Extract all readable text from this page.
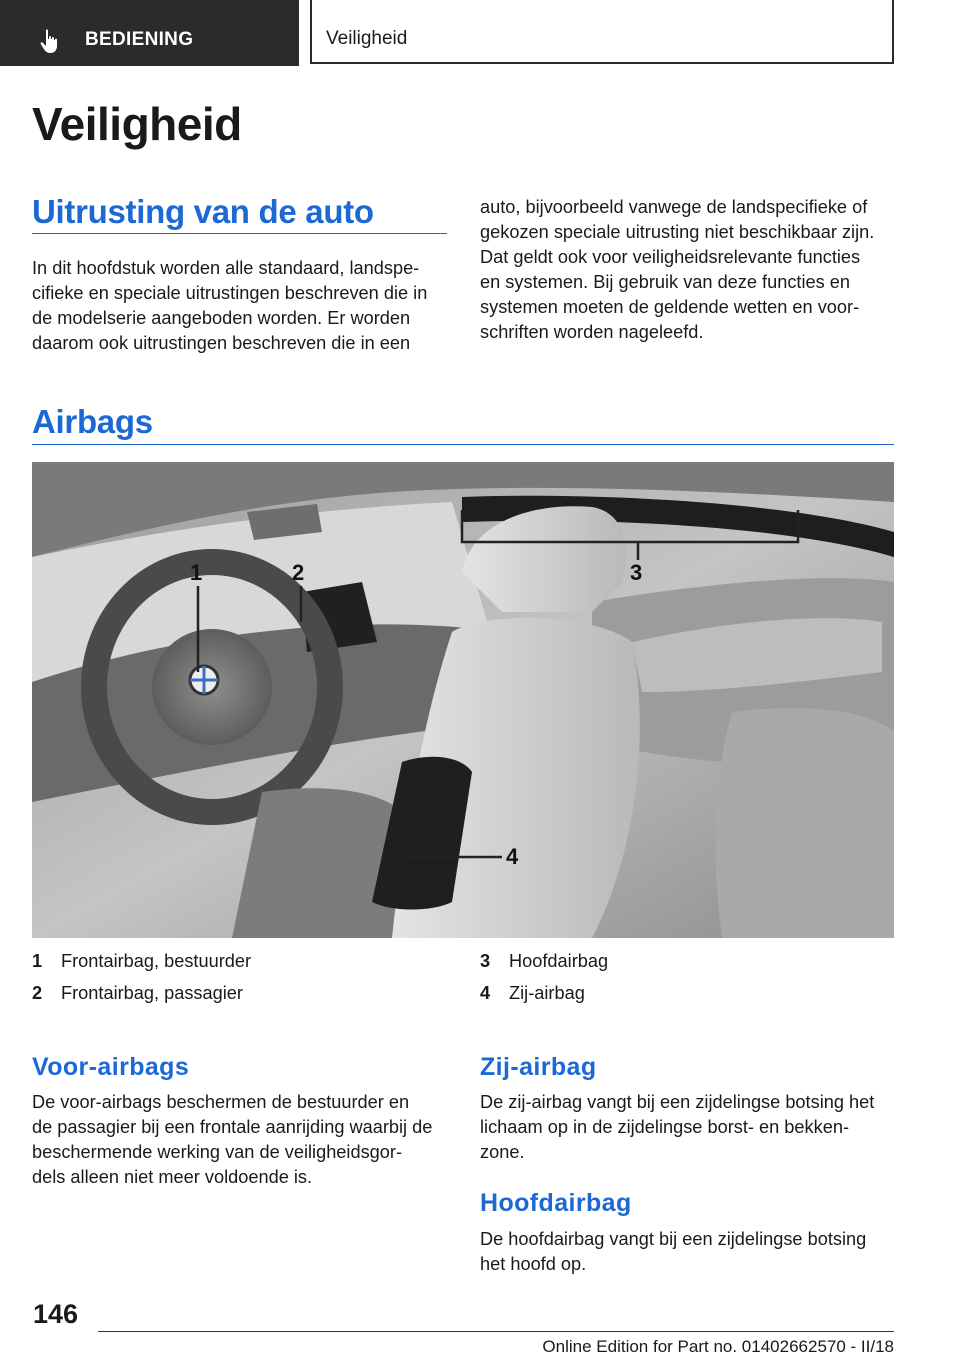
BEDIENING	Veiligheid
Veiligheid
Uitrusting van de auto

In dit hoofdstuk worden alle standaard, landspe-
cifieke en speciale uitrustingen beschreven die in
de modelserie aangeboden worden. Er worden
daarom ook uitrustingen beschreven die in een

auto, bijvoorbeeld vanwege de landspecifieke of
gekozen speciale uitrusting niet beschikbaar zijn.
Dat geldt ook voor veiligheidsrelevante functies
en systemen. Bij gebruik van deze functies en
systemen moeten de geldende wetten en voor-
schriften worden nageleefd.

Airbags
1	2	3
4
1 Frontairbag, bestuurder
2 Frontairbag, passagier
3 Hoofdairbag
4 Zij-airbag
Voor-airbags

De voor-airbags beschermen de bestuurder en
de passagier bij een frontale aanrijding waarbij de
beschermende werking van de veiligheidsgor-
dels alleen niet meer voldoende is.

Zij-airbag

De zij-airbag vangt bij een zijdelingse botsing het
lichaam op in de zijdelingse borst- en bekken-
zone.

Hoofdairbag

De hoofdairbag vangt bij een zijdelingse botsing
het hoofd op.

146
Online Edition for Part no. 01402662570 - II/18
